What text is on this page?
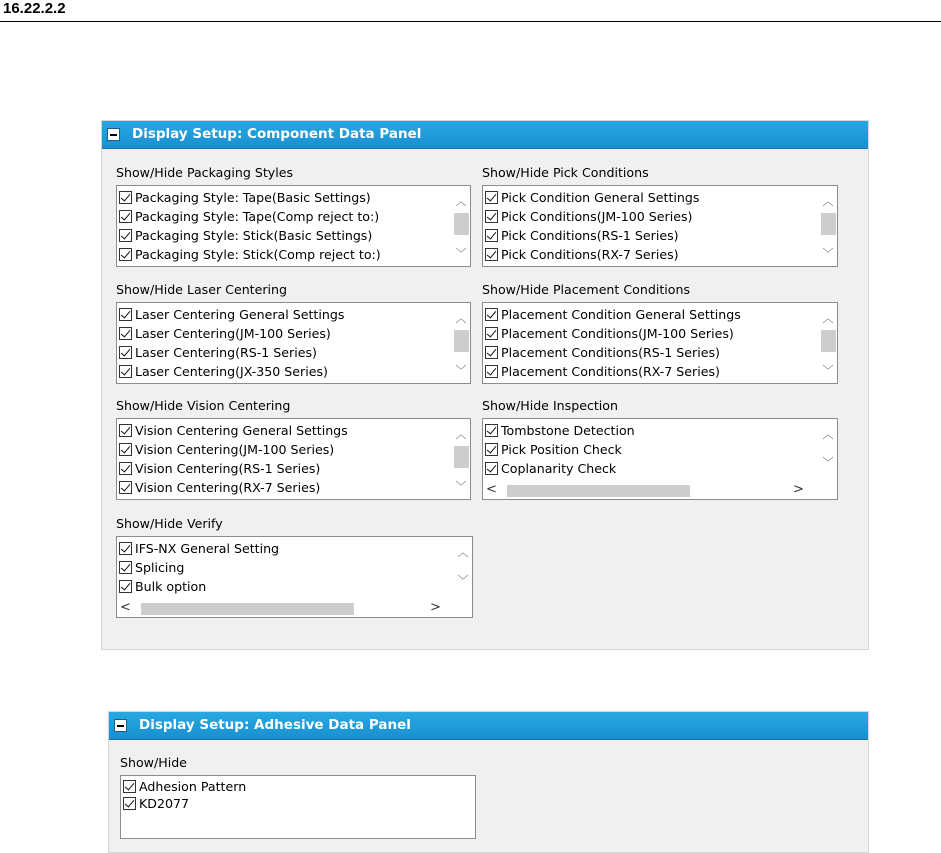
16.22.2.2
Display Setup: Component Data Panel
Show/Hide Packaging Styles
Packaging Style: Tape(Basic Settings)
Packaging Style: Tape(Comp reject to:)
Packaging Style: Stick(Basic Settings)
Packaging Style: Stick(Comp reject to:)
︿
﹀
Show/Hide Pick Conditions
Pick Condition General Settings
Pick Conditions(JM-100 Series)
Pick Conditions(RS-1 Series)
Pick Conditions(RX-7 Series)
︿
﹀
Show/Hide Laser Centering
Laser Centering General Settings
Laser Centering(JM-100 Series)
Laser Centering(RS-1 Series)
Laser Centering(JX-350 Series)
︿
﹀
Show/Hide Placement Conditions
Placement Condition General Settings
Placement Conditions(JM-100 Series)
Placement Conditions(RS-1 Series)
Placement Conditions(RX-7 Series)
︿
﹀
Show/Hide Vision Centering
Vision Centering General Settings
Vision Centering(JM-100 Series)
Vision Centering(RS-1 Series)
Vision Centering(RX-7 Series)
︿
﹀
Show/Hide Inspection
Tombstone Detection
Pick Position Check
Coplanarity Check
︿
﹀
<	>
Show/Hide Verify
IFS-NX General Setting
Splicing
Bulk option
︿
﹀
<	>
Display Setup: Adhesive Data Panel
Show/Hide
Adhesion Pattern
KD2077
